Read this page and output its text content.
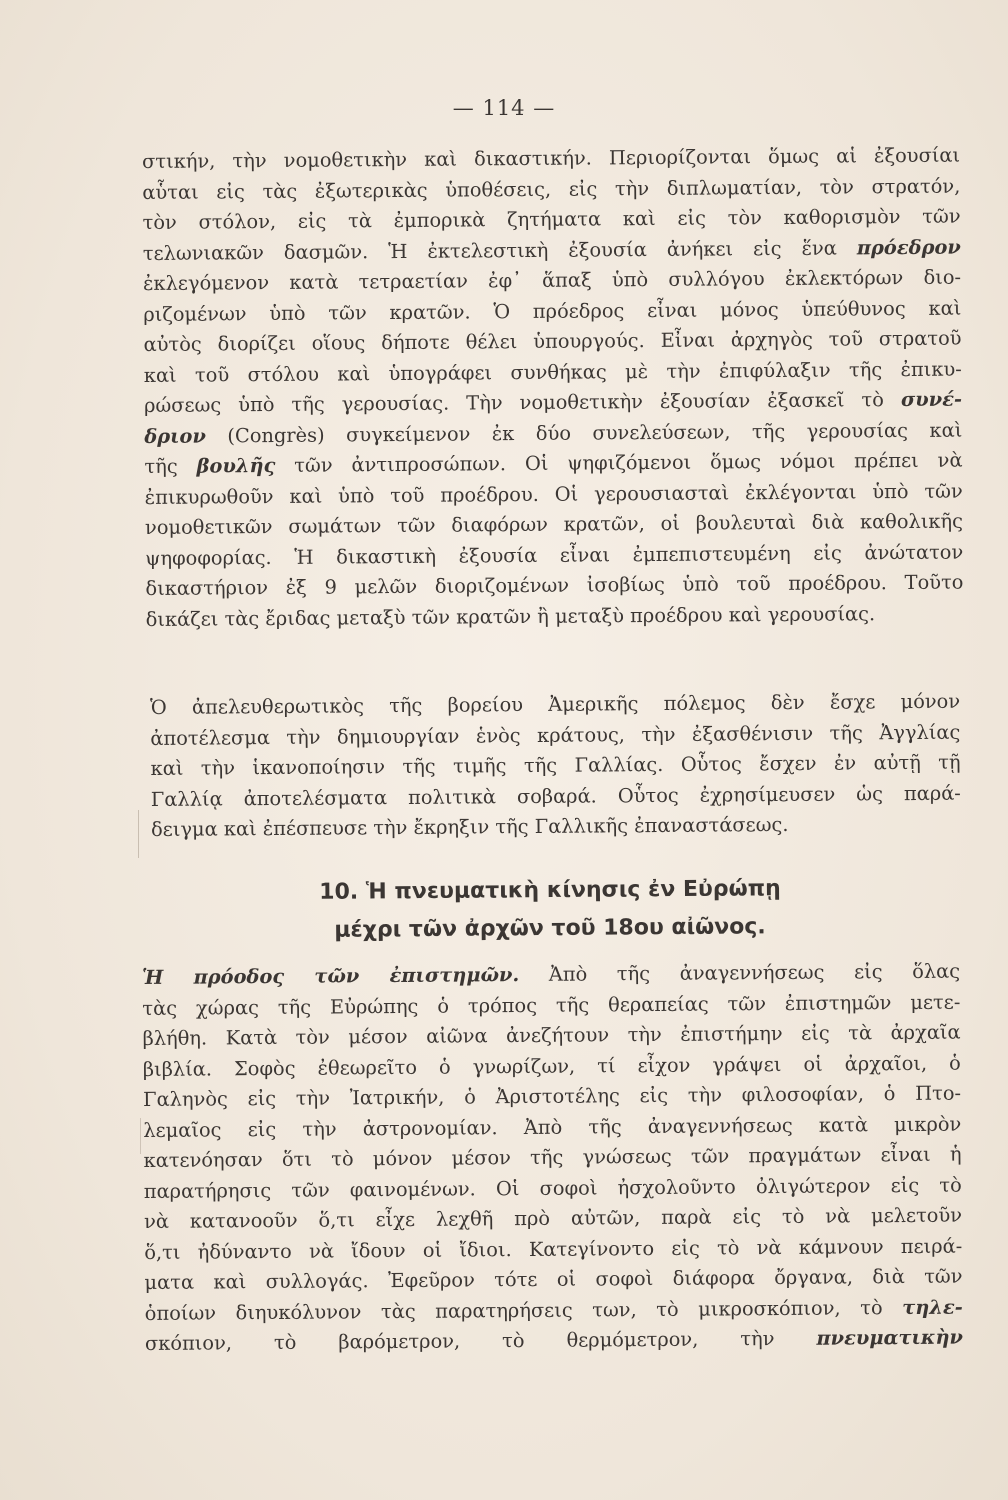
— 114 —
στικήν, τὴν νομοθετικὴν καὶ δικαστικήν. Περιορίζονται ὅμως αἱ ἐξουσίαι
αὗται εἰς τὰς ἐξωτερικὰς ὑποθέσεις, εἰς τὴν διπλωματίαν, τὸν στρατόν,
τὸν στόλον, εἰς τὰ ἐμπορικὰ ζητήματα καὶ εἰς τὸν καθορισμὸν τῶν
τελωνιακῶν δασμῶν. Ἡ ἐκτελεστικὴ ἐξουσία ἀνήκει εἰς ἕνα πρόεδρον
ἐκλεγόμενον κατὰ τετραετίαν ἐφ᾽ ἅπαξ ὑπὸ συλλόγου ἐκλεκτόρων διο-
ριζομένων ὑπὸ τῶν κρατῶν. Ὁ πρόεδρος εἶναι μόνος ὑπεύθυνος καὶ
αὐτὸς διορίζει οἵους δήποτε θέλει ὑπουργούς. Εἶναι ἀρχηγὸς τοῦ στρατοῦ
καὶ τοῦ στόλου καὶ ὑπογράφει συνθήκας μὲ τὴν ἐπιφύλαξιν τῆς ἐπικυ-
ρώσεως ὑπὸ τῆς γερουσίας. Τὴν νομοθετικὴν ἐξουσίαν ἐξασκεῖ τὸ συνέ-
δριον (Congrès) συγκείμενον ἐκ δύο συνελεύσεων, τῆς γερουσίας καὶ
τῆς βουλῆς τῶν ἀντιπροσώπων. Οἱ ψηφιζόμενοι ὅμως νόμοι πρέπει νὰ
ἐπικυρωθοῦν καὶ ὑπὸ τοῦ προέδρου. Οἱ γερουσιασταὶ ἐκλέγονται ὑπὸ τῶν
νομοθετικῶν σωμάτων τῶν διαφόρων κρατῶν, οἱ βουλευταὶ διὰ καθολικῆς
ψηφοφορίας. Ἡ δικαστικὴ ἐξουσία εἶναι ἐμπεπιστευμένη εἰς ἀνώτατον
δικαστήριον ἐξ 9 μελῶν διοριζομένων ἰσοβίως ὑπὸ τοῦ προέδρου. Τοῦτο
δικάζει τὰς ἔριδας μεταξὺ τῶν κρατῶν ἢ μεταξὺ προέδρου καὶ γερουσίας.
Ὁ ἀπελευθερωτικὸς τῆς βορείου Ἀμερικῆς πόλεμος δὲν ἔσχε μόνον
ἀποτέλεσμα τὴν δημιουργίαν ἑνὸς κράτους, τὴν ἐξασθένισιν τῆς Ἀγγλίας
καὶ τὴν ἱκανοποίησιν τῆς τιμῆς τῆς Γαλλίας. Οὗτος ἔσχεν ἐν αὐτῇ τῇ
Γαλλίᾳ ἀποτελέσματα πολιτικὰ σοβαρά. Οὗτος ἐχρησίμευσεν ὡς παρά-
δειγμα καὶ ἐπέσπευσε τὴν ἔκρηξιν τῆς Γαλλικῆς ἐπαναστάσεως.
10. Ἡ πνευματικὴ κίνησις ἐν Εὐρώπῃ
μέχρι τῶν ἀρχῶν τοῦ 18ου αἰῶνος.
Ἡ πρόοδος τῶν ἐπιστημῶν. Ἀπὸ τῆς ἀναγεννήσεως εἰς ὅλας
τὰς χώρας τῆς Εὐρώπης ὁ τρόπος τῆς θεραπείας τῶν ἐπιστημῶν μετε-
βλήθη. Κατὰ τὸν μέσον αἰῶνα ἀνεζήτουν τὴν ἐπιστήμην εἰς τὰ ἀρχαῖα
βιβλία. Σοφὸς ἐθεωρεῖτο ὁ γνωρίζων, τί εἶχον γράψει οἱ ἀρχαῖοι, ὁ
Γαληνὸς εἰς τὴν Ἰατρικήν, ὁ Ἀριστοτέλης εἰς τὴν φιλοσοφίαν, ὁ Πτο-
λεμαῖος εἰς τὴν ἀστρονομίαν. Ἀπὸ τῆς ἀναγεννήσεως κατὰ μικρὸν
κατενόησαν ὅτι τὸ μόνον μέσον τῆς γνώσεως τῶν πραγμάτων εἶναι ἡ
παρατήρησις τῶν φαινομένων. Οἱ σοφοὶ ἠσχολοῦντο ὀλιγώτερον εἰς τὸ
νὰ κατανοοῦν ὅ,τι εἶχε λεχθῆ πρὸ αὐτῶν, παρὰ εἰς τὸ νὰ μελετοῦν
ὅ,τι ἠδύναντο νὰ ἴδουν οἱ ἴδιοι. Κατεγίνοντο εἰς τὸ νὰ κάμνουν πειρά-
ματα καὶ συλλογάς. Ἐφεῦρον τότε οἱ σοφοὶ διάφορα ὄργανα, διὰ τῶν
ὁποίων διηυκόλυνον τὰς παρατηρήσεις των, τὸ μικροσκόπιον, τὸ τηλε-
σκόπιον, τὸ βαρόμετρον, τὸ θερμόμετρον, τὴν πνευματικὴν
